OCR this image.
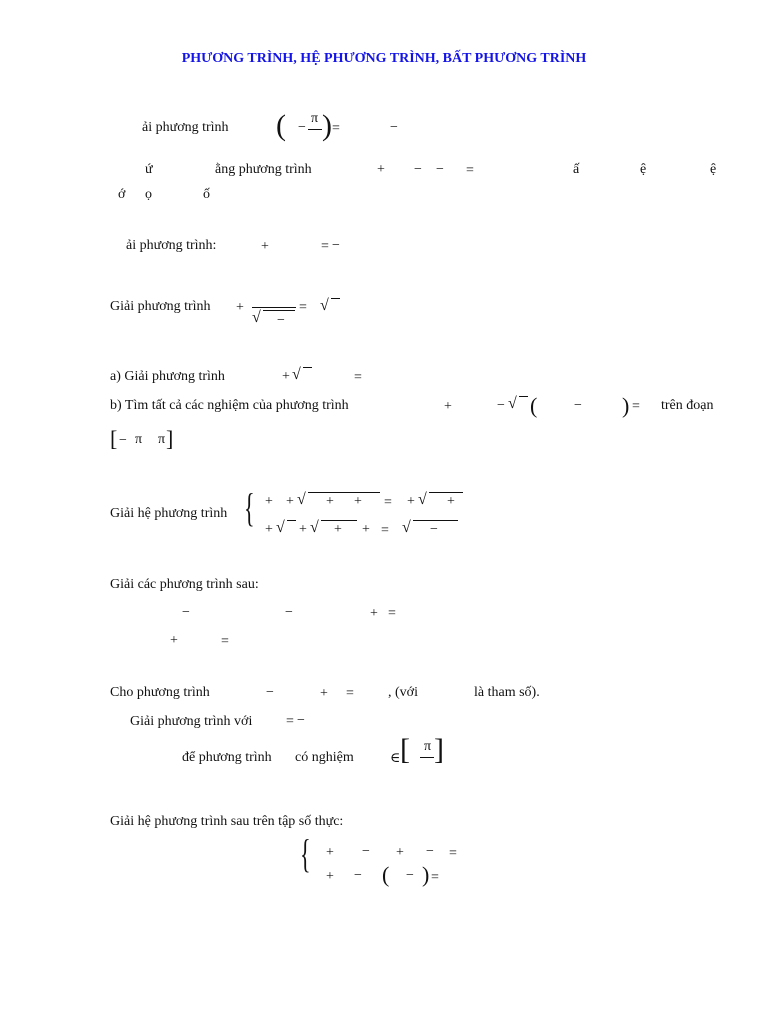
PHƯƠNG TRÌNH, HỆ PHƯƠNG TRÌNH, BẤT PHƯƠNG TRÌNH
ải phương trình ( −
π ) =	−
ứ	ằng phương trình	+ − − =	ấ	ệ	ệ
ớ ọ	ố
ải phương trình:	+	= −
Giải phương trình +
√ −
= √
a) Giải phương trình	+ √	=
b) Tìm tất cả các nghiệm của phương trình	+	− √ (	− ) = trên đoạn
[ − π π ]
Giải hệ phương trình { + + √ + + = + √ +
+ √ + √ + + = √ −
Giải các phương trình sau:
−	−	+ =
+	=
Cho phương trình	−	+ = , (với	là tham số).
Giải phương trình với = −
để phương trình có nghiệm	∈ [ π ]
Giải hệ phương trình sau trên tập số thực:
{ + − + − =
+ − ( − ) =
